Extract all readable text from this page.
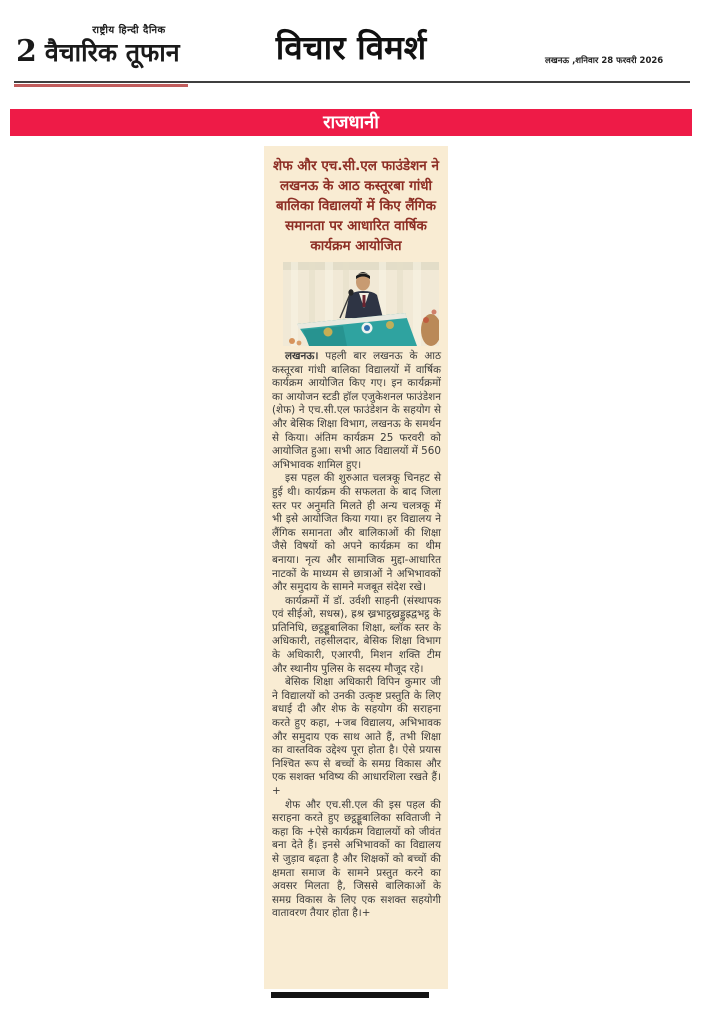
राष्ट्रीय हिन्दी दैनिक
2 वैचारिक तूफान	विचार विमर्श	लखनऊ ,शनिवार 28 फरवरी 2026
राजधानी
शेफ और एच.सी.एल फाउंडेशन ने लखनऊ के आठ कस्तूरबा गांधी बालिका विद्यालयों में किए लैंगिक समानता पर आधारित वार्षिक कार्यक्रम आयोजित

लखनऊ। पहली बार लखनऊ के आठ कस्तूरबा गांधी बालिका विद्यालयों में वार्षिक कार्यक्रम आयोजित किए गए। इन कार्यक्रमों का आयोजन स्टडी हॉल एजुकेशनल फाउंडेशन (शेफ) ने एच.सी.एल फाउंडेशन के सहयोग से और बेसिक शिक्षा विभाग, लखनऊ के समर्थन से किया। अंतिम कार्यक्रम 25 फरवरी को आयोजित हुआ। सभी आठ विद्यालयों में 560 अभिभावक शामिल हुए।

इस पहल की शुरुआत चलत्रकू चिनहट से हुई थी। कार्यक्रम की सफलता के बाद जिला स्तर पर अनुमति मिलते ही अन्य चलत्रकू में भी इसे आयोजित किया गया। हर विद्यालय ने लैंगिक समानता और बालिकाओं की शिक्षा जैसे विषयों को अपने कार्यक्रम का थीम बनाया। नृत्य और सामाजिक मुद्दा-आधारित नाटकों के माध्यम से छात्राओं ने अभिभावकों और समुदाय के सामने मजबूत संदेश रखे।

कार्यक्रमों में डॉ. उर्वशी साहनी (संस्थापक एवं सीईओ, सधस्र), ह्रश्र ख्रभाट्ठख्रड्डुह्रद्वभट्ठ के प्रतिनिधि, छट्ठड्डूबालिका शिक्षा, ब्लॉक स्तर के अधिकारी, तहसीलदार, बेसिक शिक्षा विभाग के अधिकारी, एआरपी, मिशन शक्ति टीम और स्थानीय पुलिस के सदस्य मौजूद रहे।

बेसिक शिक्षा अधिकारी विपिन कुमार जी ने विद्यालयों को उनकी उत्कृष्ट प्रस्तुति के लिए बधाई दी और शेफ के सहयोग की सराहना करते हुए कहा, +जब विद्यालय, अभिभावक और समुदाय एक साथ आते हैं, तभी शिक्षा का वास्तविक उद्देश्य पूरा होता है। ऐसे प्रयास निश्चित रूप से बच्चों के समग्र विकास और एक सशक्त भविष्य की आधारशिला रखते हैं।+

शेफ और एच.सी.एल की इस पहल की सराहना करते हुए छट्ठड्डूबालिका सविताजी ने कहा कि +ऐसे कार्यक्रम विद्यालयों को जीवंत बना देते हैं। इनसे अभिभावकों का विद्यालय से जुड़ाव बढ़ता है और शिक्षकों को बच्चों की क्षमता समाज के सामने प्रस्तुत करने का अवसर मिलता है, जिससे बालिकाओं के समग्र विकास के लिए एक सशक्त सहयोगी वातावरण तैयार होता है।+
